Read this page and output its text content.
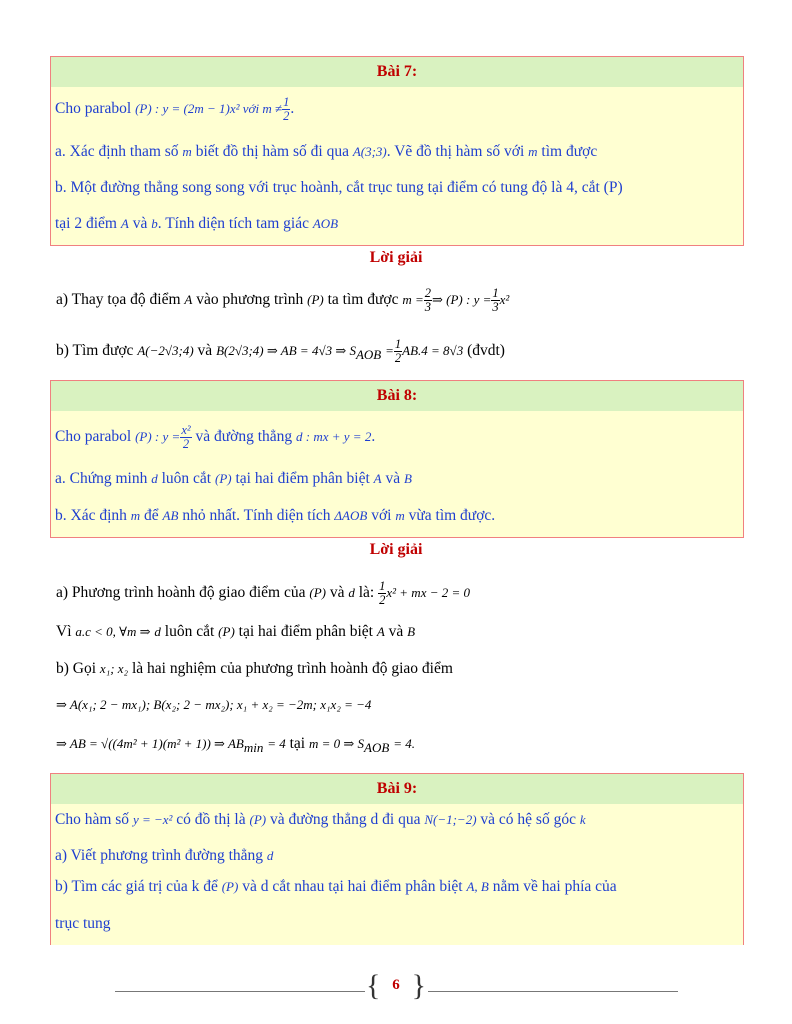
Bài 7:
Cho parabol (P) : y = (2m − 1)x² với $m \ne \frac{1}{2}$ .
a. Xác định tham số m biết đồ thị hàm số đi qua A(3;3). Vẽ đồ thị hàm số với m tìm được
b. Một đường thẳng song song với trục hoành, cắt trục tung tại điểm có tung độ là 4, cắt (P)
tại 2 điểm A và b. Tính diện tích tam giác AOB
Lời giải
a) Thay tọa độ điểm A vào phương trình (P) ta tìm được $m = \frac{2}{3}$ ⇒ (P) : $y = \frac{1}{3} x^2$
b) Tìm được A(−2√3;4) và B(2√3;4) ⇒ AB = 4√3 ⇒ $S_{AOB} = \frac{1}{2} AB.4 = 8√3$ (đvdt)
Bài 8:
Cho parabol (P) : $y = \frac{\text{x²}}{2}$ và đường thẳng d : mx + y = 2.
a. Chứng minh d luôn cắt (P) tại hai điểm phân biệt A và B
b. Xác định m để AB nhỏ nhất. Tính diện tích ΔAOB với m vừa tìm được.
Lời giải
a) Phương trình hoành độ giao điểm của (P) và d là: $\frac{1}{2} x^2$ + mx − 2 = 0
Vì a.c < 0, ∀m ⇒ d luôn cắt (P) tại hai điểm phân biệt A và B
b) Gọi x₁; x₂ là hai nghiệm của phương trình hoành độ giao điểm
⇒ A(x₁; 2 − mx₁); B(x₂; 2 − mx₂); x₁ + x₂ = −2m; x₁x₂ = −4
⇒ AB = √((4m² + 1)(m² + 1)) ⇒ $AB_{min} = 4$ tại m = 0 ⇒ $S_{AOB} = 4$.
Bài 9:
Cho hàm số y = −x² có đồ thị là (P) và đường thẳng d đi qua N(−1;−2) và có hệ số góc k
a) Viết phương trình đường thẳng d
b) Tìm các giá trị của k để (P) và d cắt nhau tại hai điểm phân biệt A, B nằm về hai phía của
trục tung
{ 6 }
